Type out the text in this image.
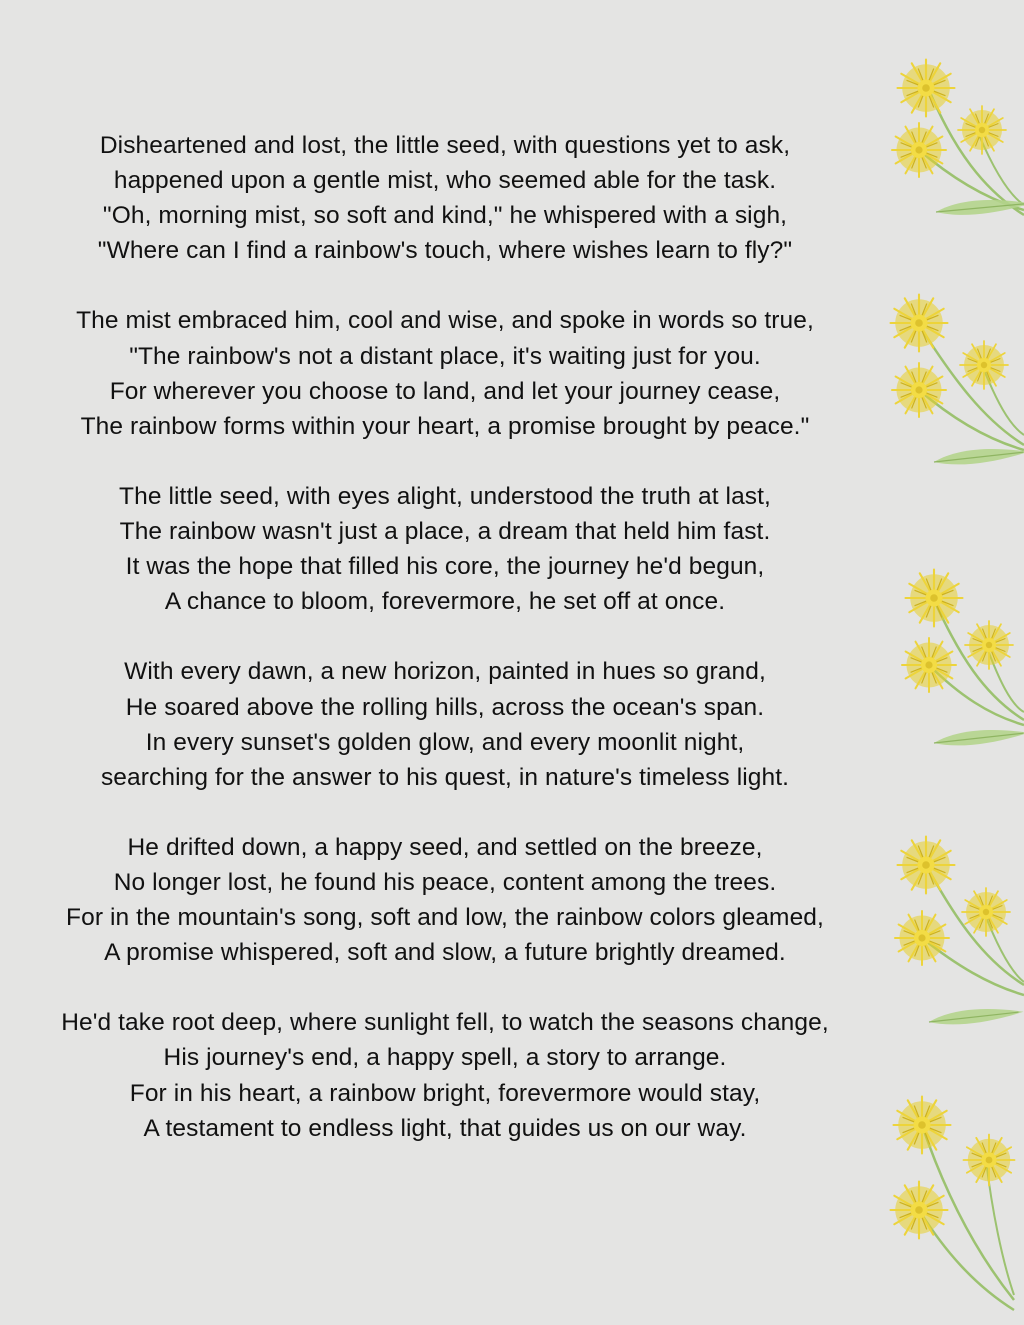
Disheartened and lost, the little seed, with questions yet to ask,
happened upon a gentle mist, who seemed able for the task.
"Oh, morning mist, so soft and kind," he whispered with a sigh,
"Where can I find a rainbow's touch, where wishes learn to fly?"
The mist embraced him, cool and wise, and spoke in words so true,
"The rainbow's not a distant place, it's waiting just for you.
For wherever you choose to land, and let your journey cease,
The rainbow forms within your heart, a promise brought by peace."
The little seed, with eyes alight, understood the truth at last,
The rainbow wasn't just a place, a dream that held him fast.
It was the hope that filled his core, the journey he'd begun,
A chance to bloom, forevermore, he set off at once.
With every dawn, a new horizon, painted in hues so grand,
He soared above the rolling hills, across the ocean's span.
In every sunset's golden glow, and every moonlit night,
searching for the answer to his quest, in nature's timeless light.
He drifted down, a happy seed, and settled on the breeze,
No longer lost, he found his peace, content among the trees.
For in the mountain's song, soft and low, the rainbow colors gleamed,
A promise whispered, soft and slow, a future brightly dreamed.
He'd take root deep, where sunlight fell, to watch the seasons change,
His journey's end, a happy spell, a story to arrange.
For in his heart, a rainbow bright, forevermore would stay,
A testament to endless light, that guides us on our way.
